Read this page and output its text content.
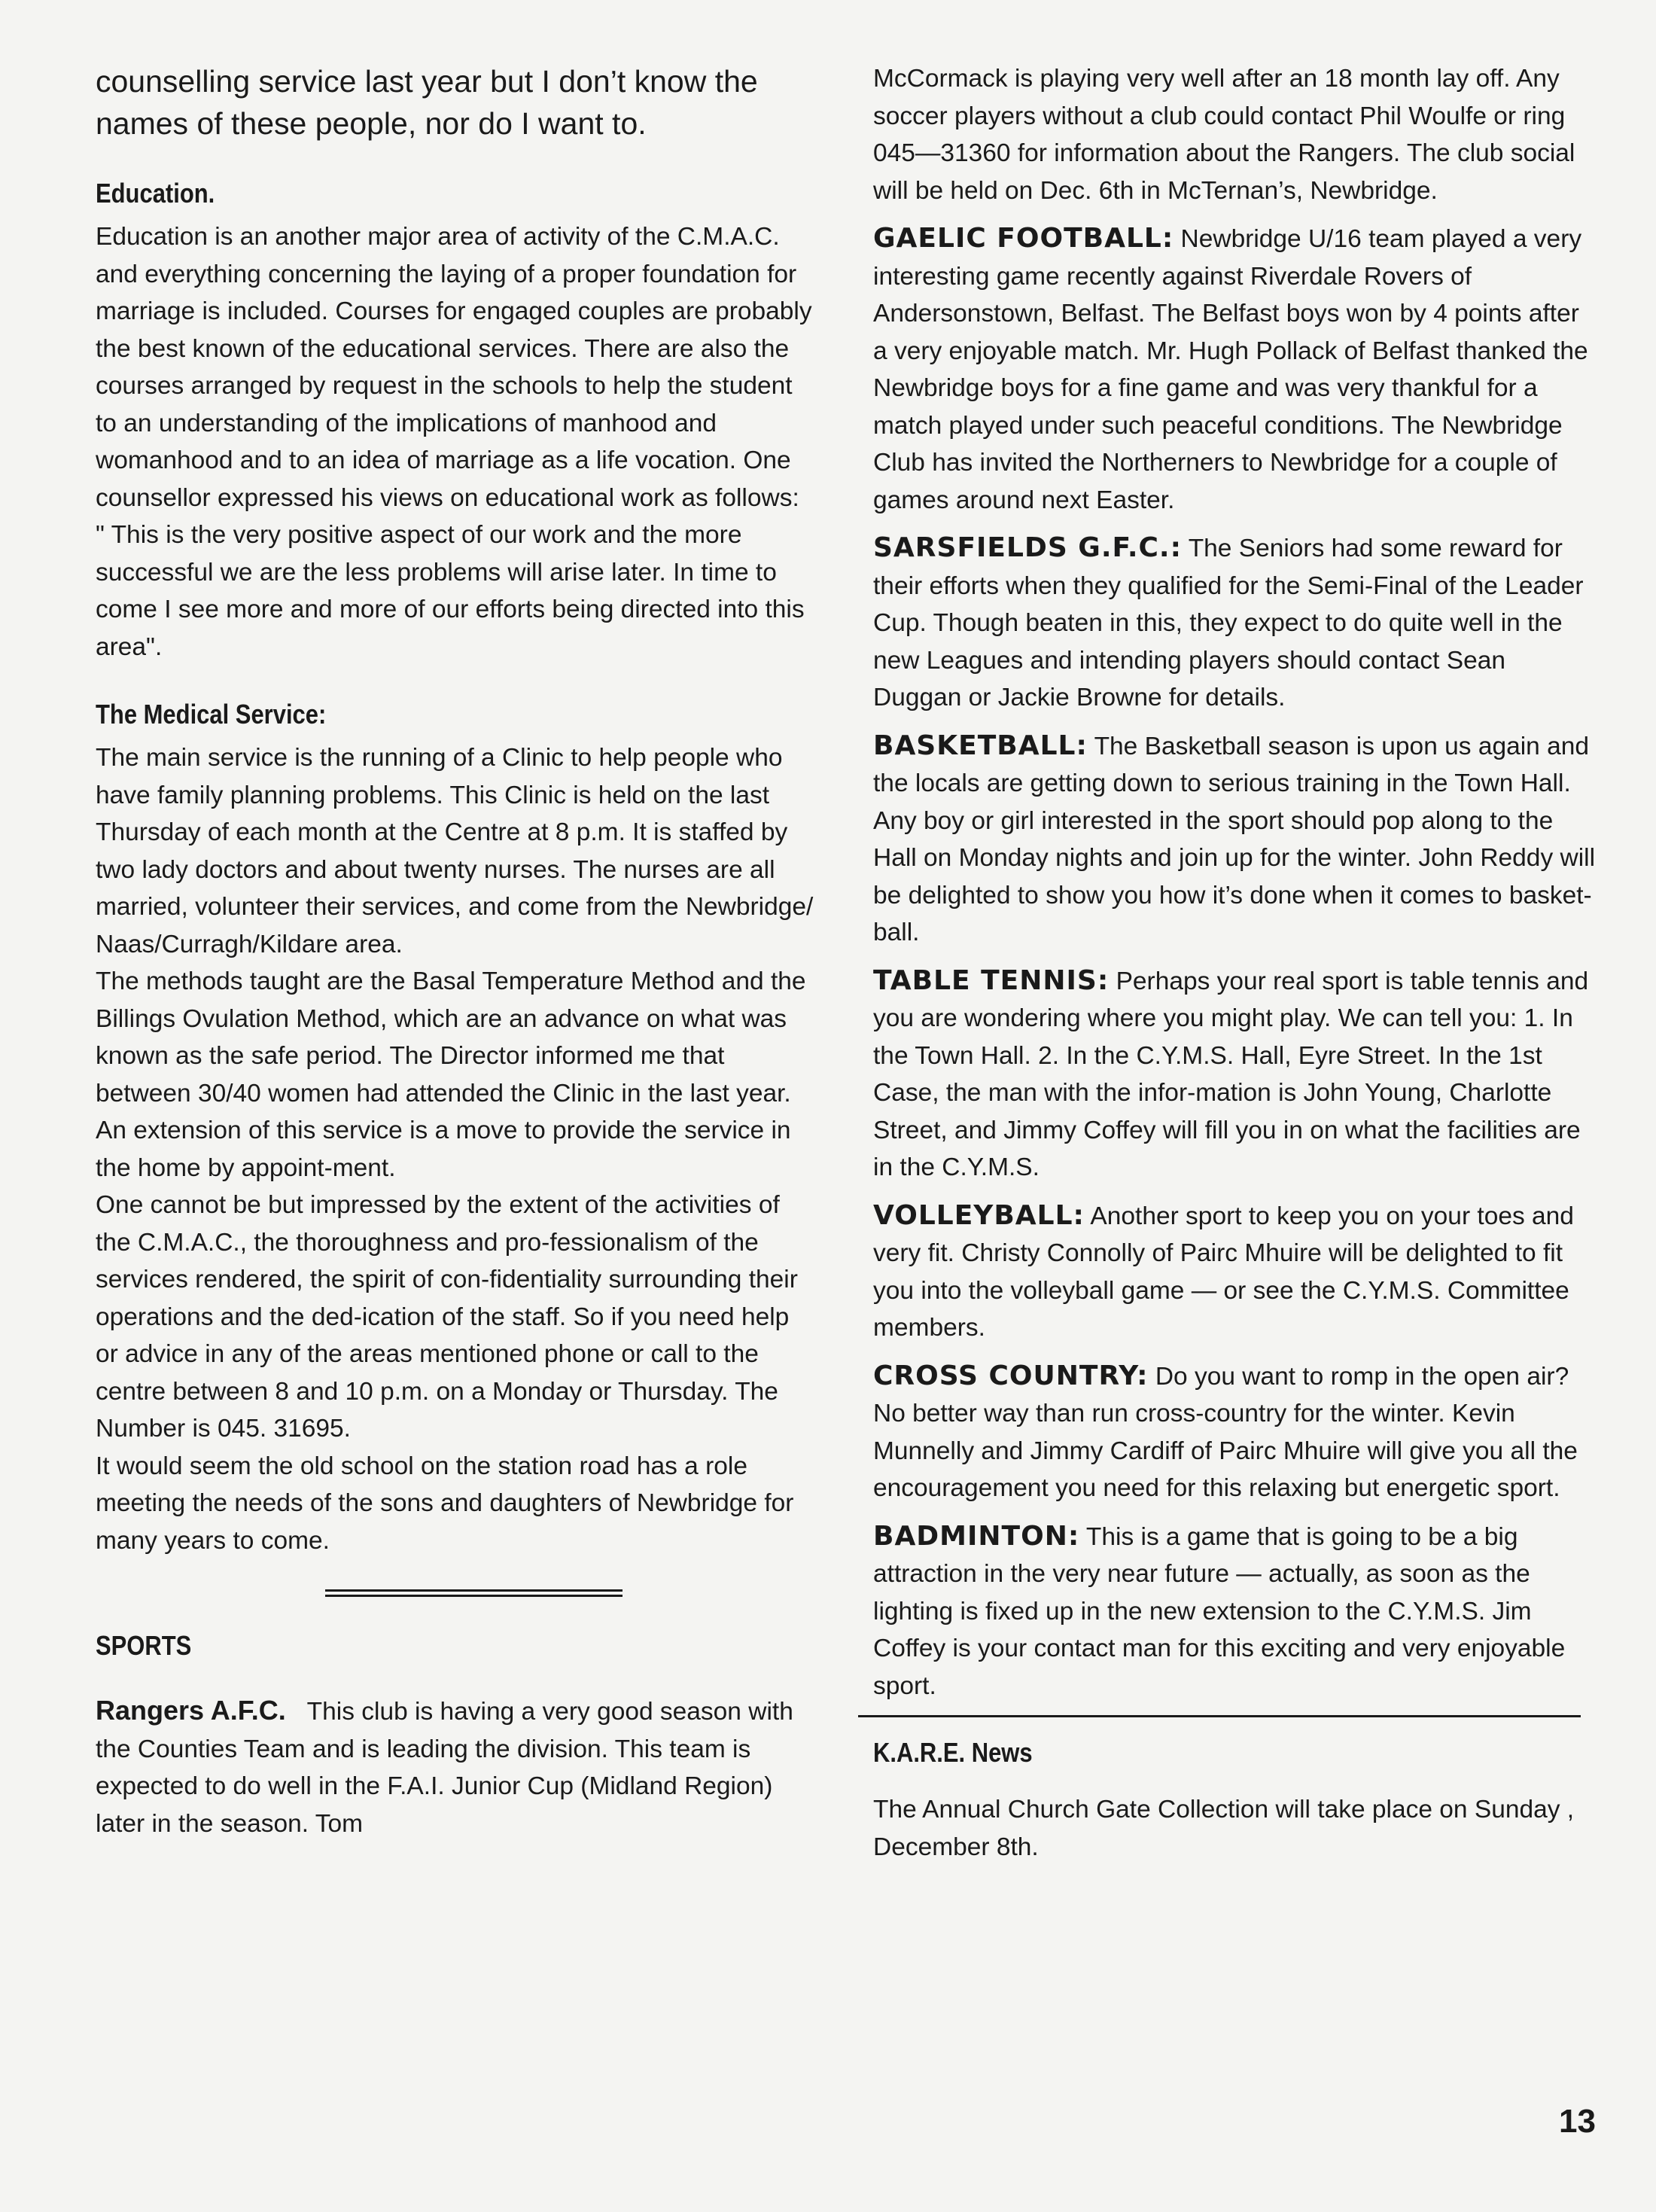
counselling service last year but I don’t know the names of these people, nor do I want to.

Education.

Education is an another major area of activity of the C.M.A.C. and everything concerning the laying of a proper foundation for marriage is included. Courses for engaged couples are probably the best known of the educational services. There are also the courses arranged by request in the schools to help the student to an understanding of the implications of manhood and womanhood and to an idea of marriage as a life vocation. One counsellor expressed his views on educational work as follows: " This is the very positive aspect of our work and the more successful we are the less problems will arise later. In time to come I see more and more of our efforts being directed into this area".

The Medical Service:

The main service is the running of a Clinic to help people who have family planning problems. This Clinic is held on the last Thursday of each month at the Centre at 8 p.m. It is staffed by two lady doctors and about twenty nurses. The nurses are all married, volunteer their services, and come from the Newbridge/ Naas/Curragh/Kildare area.

The methods taught are the Basal Temperature Method and the Billings Ovulation Method, which are an advance on what was known as the safe period. The Director informed me that between 30/40 women had attended the Clinic in the last year. An extension of this service is a move to provide the service in the home by appoint-ment.

One cannot be but impressed by the extent of the activities of the C.M.A.C., the thoroughness and pro-fessionalism of the services rendered, the spirit of con-fidentiality surrounding their operations and the ded-ication of the staff. So if you need help or advice in any of the areas mentioned phone or call to the centre between 8 and 10 p.m. on a Monday or Thursday. The Number is 045. 31695.

It would seem the old school on the station road has a role meeting the needs of the sons and daughters of Newbridge for many years to come.

SPORTS

Rangers A.F.C. This club is having a very good season with the Counties Team and is leading the division. This team is expected to do well in the F.A.I. Junior Cup (Midland Region) later in the season. Tom

McCormack is playing very well after an 18 month lay off. Any soccer players without a club could contact Phil Woulfe or ring 045—31360 for information about the Rangers. The club social will be held on Dec. 6th in McTernan’s, Newbridge.

GAELIC FOOTBALL: Newbridge U/16 team played a very interesting game recently against Riverdale Rovers of Andersonstown, Belfast. The Belfast boys won by 4 points after a very enjoyable match. Mr. Hugh Pollack of Belfast thanked the Newbridge boys for a fine game and was very thankful for a match played under such peaceful conditions. The Newbridge Club has invited the Northerners to Newbridge for a couple of games around next Easter.

SARSFIELDS G.F.C.: The Seniors had some reward for their efforts when they qualified for the Semi-Final of the Leader Cup. Though beaten in this, they expect to do quite well in the new Leagues and intending players should contact Sean Duggan or Jackie Browne for details.

BASKETBALL: The Basketball season is upon us again and the locals are getting down to serious training in the Town Hall. Any boy or girl interested in the sport should pop along to the Hall on Monday nights and join up for the winter. John Reddy will be delighted to show you how it’s done when it comes to basket-ball.

TABLE TENNIS: Perhaps your real sport is table tennis and you are wondering where you might play. We can tell you: 1. In the Town Hall. 2. In the C.Y.M.S. Hall, Eyre Street. In the 1st Case, the man with the infor-mation is John Young, Charlotte Street, and Jimmy Coffey will fill you in on what the facilities are in the C.Y.M.S.

VOLLEYBALL: Another sport to keep you on your toes and very fit. Christy Connolly of Pairc Mhuire will be delighted to fit you into the volleyball game — or see the C.Y.M.S. Committee members.

CROSS COUNTRY: Do you want to romp in the open air? No better way than run cross-country for the winter. Kevin Munnelly and Jimmy Cardiff of Pairc Mhuire will give you all the encouragement you need for this relaxing but energetic sport.

BADMINTON: This is a game that is going to be a big attraction in the very near future — actually, as soon as the lighting is fixed up in the new extension to the C.Y.M.S. Jim Coffey is your contact man for this exciting and very enjoyable sport.

K.A.R.E. News

The Annual Church Gate Collection will take place on Sunday , December 8th.

13
